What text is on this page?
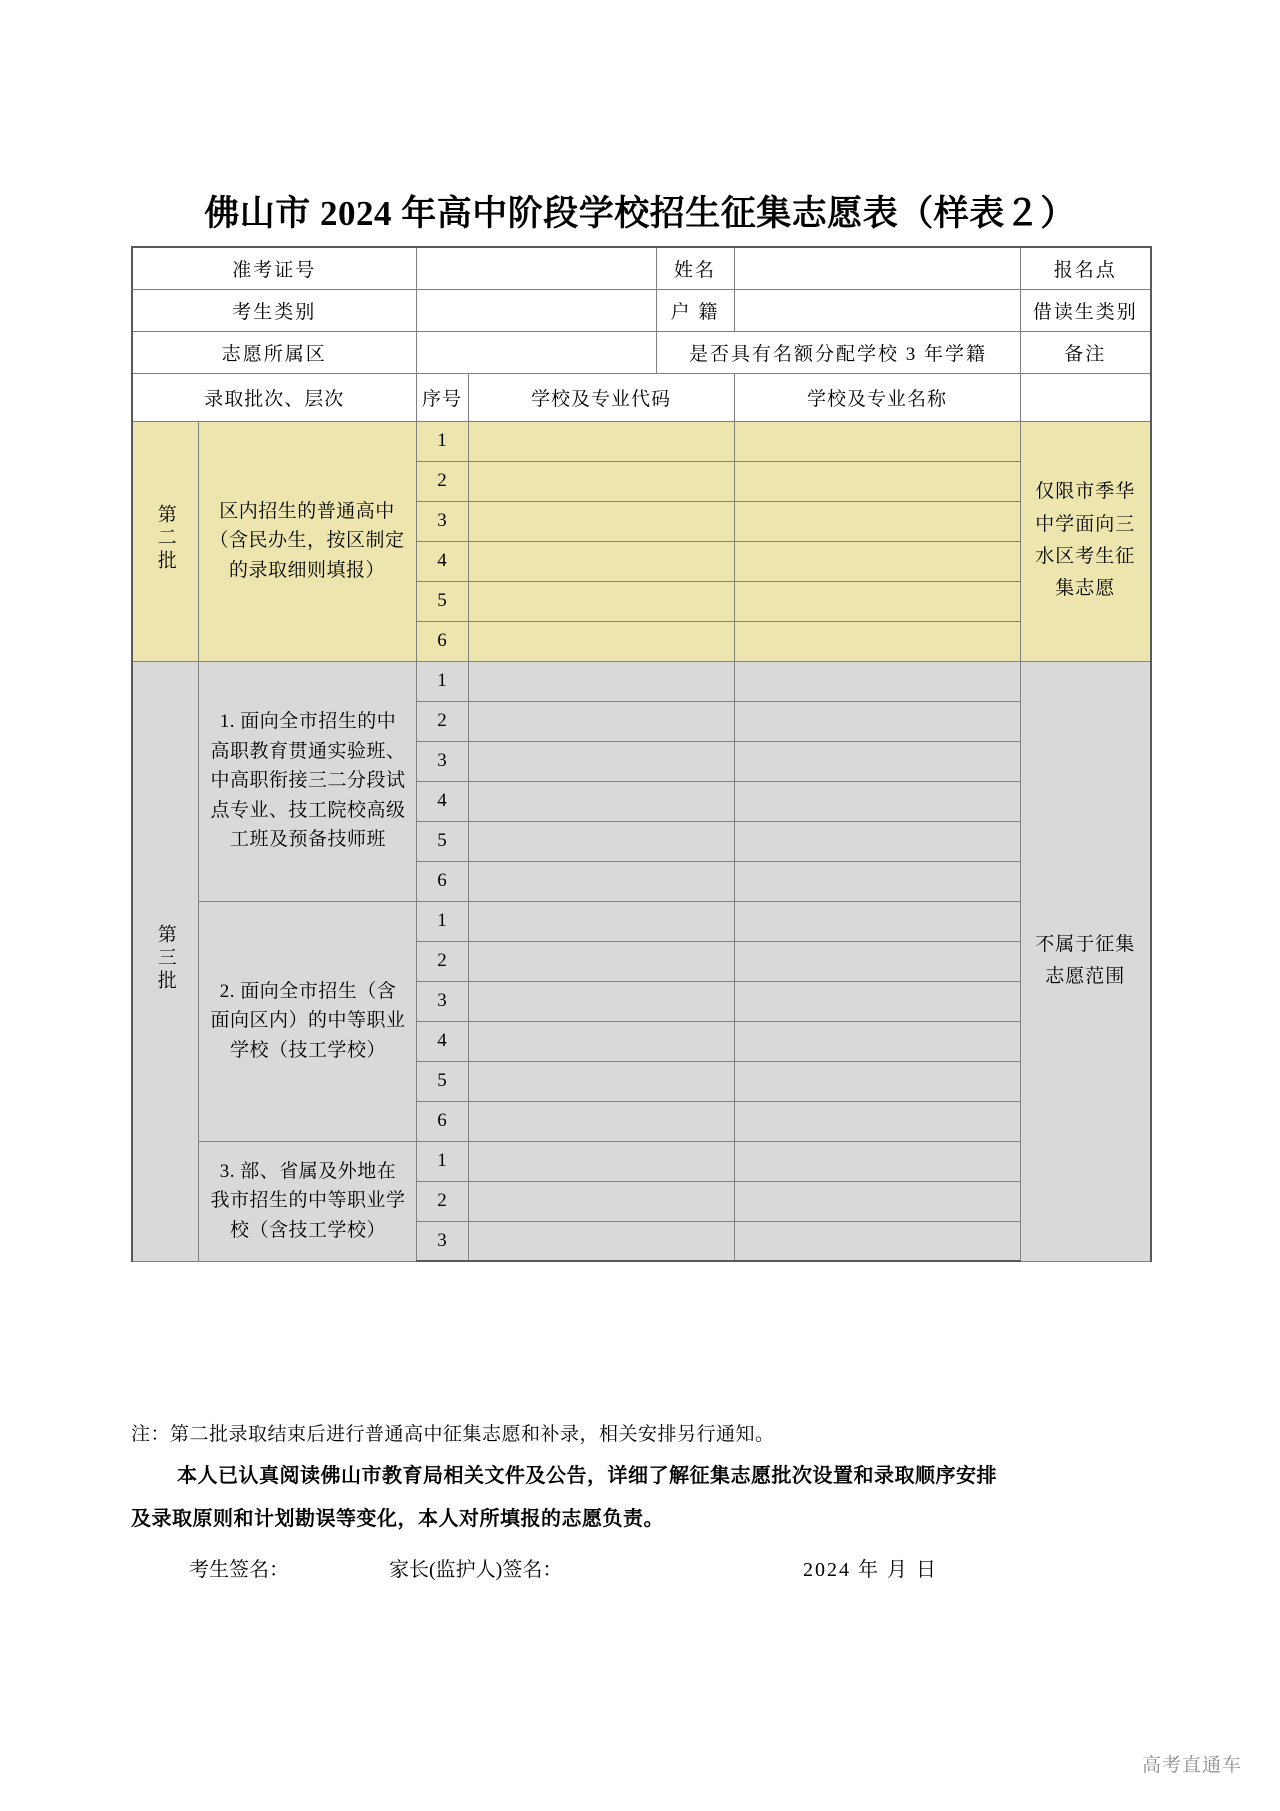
佛山市 2024 年高中阶段学校招生征集志愿表（样表２）
准考证号				姓名		报名点
考生类别				户 籍		借读生类别
志愿所属区				是否具有名额分配学校 3 年学籍		备注
录取批次、层次		序号	学校及专业代码		学校及专业名称	
第二批	区内招生的普通高中（含民办生，按区制定的录取细则填报）	1				仅限市季华中学面向三水区考生征集志愿
		2				
		3				
		4				
		5				
		6				
第三批	1. 面向全市招生的中高职教育贯通实验班、中高职衔接三二分段试点专业、技工院校高级工班及预备技师班	1				不属于征集志愿范围
		2				
		3				
		4				
		5				
		6				
	2. 面向全市招生（含面向区内）的中等职业学校（技工学校）	1				
		2				
		3				
		4				
		5				
		6				
	3. 部、省属及外地在我市招生的中等职业学校（含技工学校）	1				
		2				
		3				
注：第二批录取结束后进行普通高中征集志愿和补录，相关安排另行通知。
本人已认真阅读佛山市教育局相关文件及公告，详细了解征集志愿批次设置和录取顺序安排
及录取原则和计划勘误等变化，本人对所填报的志愿负责。
考生签名：	家长(监护人)签名：	2024 年 月 日
高考直通车
